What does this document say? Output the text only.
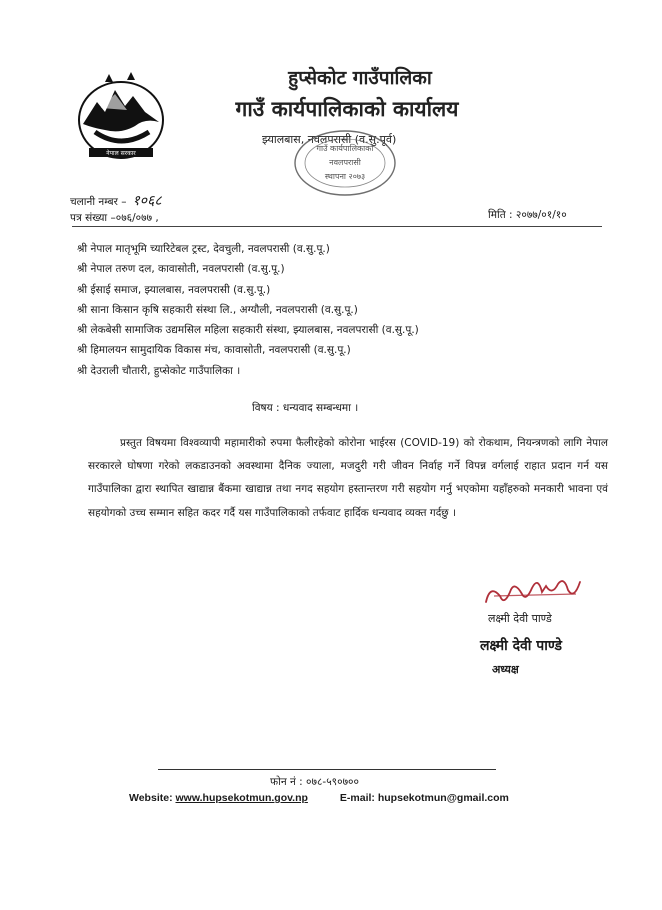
नेपाल सरकार
हुप्सेकोट गाउँपालिका
गाउँ कार्यपालिकाको कार्यालय
झ्यालबास, नवलपरासी (व.सु.पूर्व)
गाउँ कार्यपालिकाको
नवलपरासी
स्थापना २०७३
चलानी नम्बर – १०६८
पत्र संख्या –०७६/०७७ ,	मिति : २०७७/०१/१०
श्री नेपाल मातृभूमि च्यारिटेबल ट्रस्ट, देवचुली, नवलपरासी (व.सु.पू.)
श्री नेपाल तरुण दल, कावासोती, नवलपरासी (व.सु.पू.)
श्री ईसाई समाज, झ्यालबास, नवलपरासी (व.सु.पू.)
श्री साना किसान कृषि सहकारी संस्था लि., अग्यौली, नवलपरासी (व.सु.पू.)
श्री लेकबेसी सामाजिक उद्यमसिल महिला सहकारी संस्था, झ्यालबास, नवलपरासी (व.सु.पू.)
श्री हिमालयन सामुदायिक विकास मंच, कावासोती, नवलपरासी (व.सु.पू.)
श्री देउराली चौतारी, हुप्सेकोट गाउँपालिका ।
विषय : धन्यवाद सम्बन्धमा ।

प्रस्तुत विषयमा विश्वव्यापी महामारीको रुपमा फैलीरहेको कोरोना भाईरस (COVID-19) को रोकथाम, नियन्त्रणको लागि नेपाल सरकारले घोषणा गरेको लकडाउनको अवस्थामा दैनिक ज्याला, मजदुरी गरी जीवन निर्वाह गर्ने विपन्न वर्गलाई राहात प्रदान गर्न यस गाउँपालिका द्वारा स्थापित खाद्यान्न बैंकमा खाद्यान्न तथा नगद सहयोग हस्तान्तरण गरी सहयोग गर्नु भएकोमा यहाँहरुको मनकारी भावना एवं सहयोगको उच्च सम्मान सहित कदर गर्दै यस गाउँपालिकाको तर्फवाट हार्दिक धन्यवाद व्यक्त गर्दछु ।

लक्ष्मी देवी पाण्डे
लक्ष्मी देवी पाण्डे
अध्यक्ष
फोन नं : ०७८-५९०७००
Website: www.hupsekotmun.gov.np	E-mail: hupsekotmun@gmail.com
